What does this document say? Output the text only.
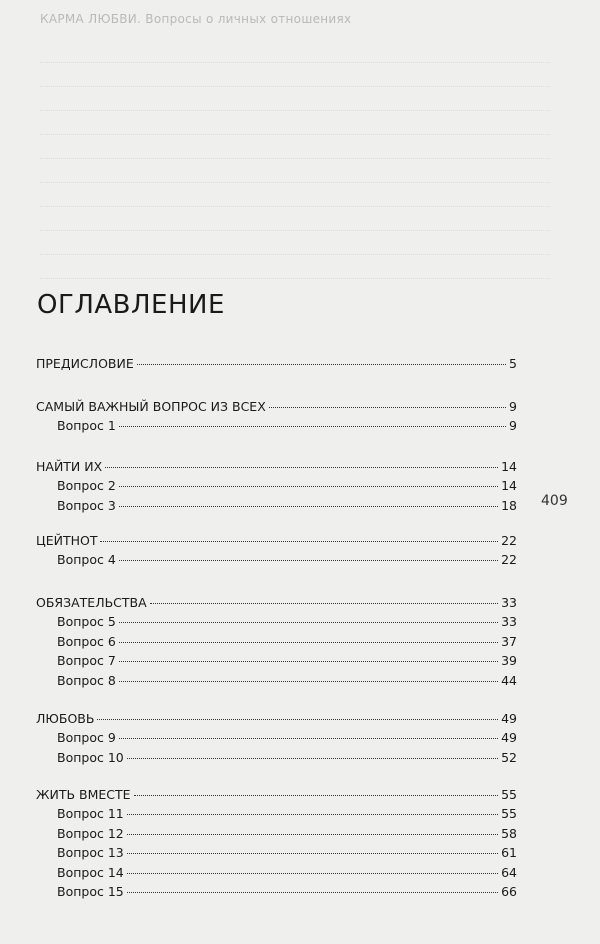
КАРМА ЛЮБВИ. Вопросы о личных отношениях
ОГЛАВЛЕНИЕ
409
ПРЕДИСЛОВИЕ	5
САМЫЙ ВАЖНЫЙ ВОПРОС ИЗ ВСЕХ	9
Вопрос 1	9
НАЙТИ ИХ	14
Вопрос 2	14
Вопрос 3	18
ЦЕЙТНОТ	22
Вопрос 4	22
ОБЯЗАТЕЛЬСТВА	33
Вопрос 5	33
Вопрос 6	37
Вопрос 7	39
Вопрос 8	44
ЛЮБОВЬ	49
Вопрос 9	49
Вопрос 10	52
ЖИТЬ ВМЕСТЕ	55
Вопрос 11	55
Вопрос 12	58
Вопрос 13	61
Вопрос 14	64
Вопрос 15	66
